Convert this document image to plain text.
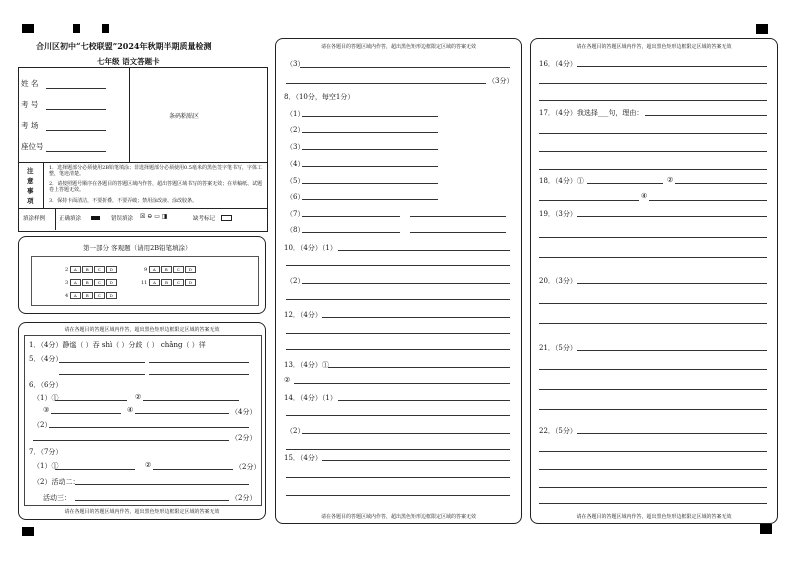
合川区初中“七校联盟”2024年秋期半期质量检测
七年级 语文答题卡
姓 名
考 号
考 场
座位号
条码粘贴区
注意事项
1．选择题部分必须使用2B铅笔填涂；非选择题部分必须使用0.5毫米的黑色签字笔书写，字体工整，笔迹清楚。
2．请按照题号顺序在各题目的答题区域内作答，超出答题区域书写的答案无效；在草稿纸、试题卷上答题无效。
3．保持卡面清洁，不要折叠，不要弄破；禁用涂改液、涂改胶条。
填涂样例	正确填涂	错误填涂 ☒ ⊖ ▭ ◨	缺考标记
第一部分 客观题（请用2B铅笔填涂）
2 A B C D
3 A B C D
4 A B C D
9 A B C D
11 A B C D
请在各题目的答题区域内作答，超出黑色矩形边框限定区域的答案无效
1．（4分）静谧（ ）吞 shì（ ）分歧（ ） chǎng（ ）徉
5．（4分）
6．（6分）
（1）①	②
③	④	（4分）
（2）
（2分）
7．（7分）
（1）①	②	（2分）
（2）活动二：
活动三：	（2分）
请在各题目的答题区域内作答，超出黑色矩形边框限定区域的答案无效
请在各题目的答题区域内作答，超出黑色矩形边框限定区域的答案无效
（3）
（3分）
8．（10分，每空1分）
（1）
（2）
（3）
（4）
（5）
（6）
（7）
（8）
10．（4分）（1）
（2）
12．（4分）
13．（4分）①
②
14．（4分）（1）
（2）
15．（4分）
请在各题目的答题区域内作答，超出黑色矩形边框限定区域的答案无效
请在各题目的答题区域内作答，超出黑色矩形边框限定区域的答案无效
16．（4分）
17．（4分）我选择___句，理由：
18．（4分）①	②
④
19．（3分）
20．（3分）
21．（5分）
22．（5分）
请在各题目的答题区域内作答，超出黑色矩形边框限定区域的答案无效
